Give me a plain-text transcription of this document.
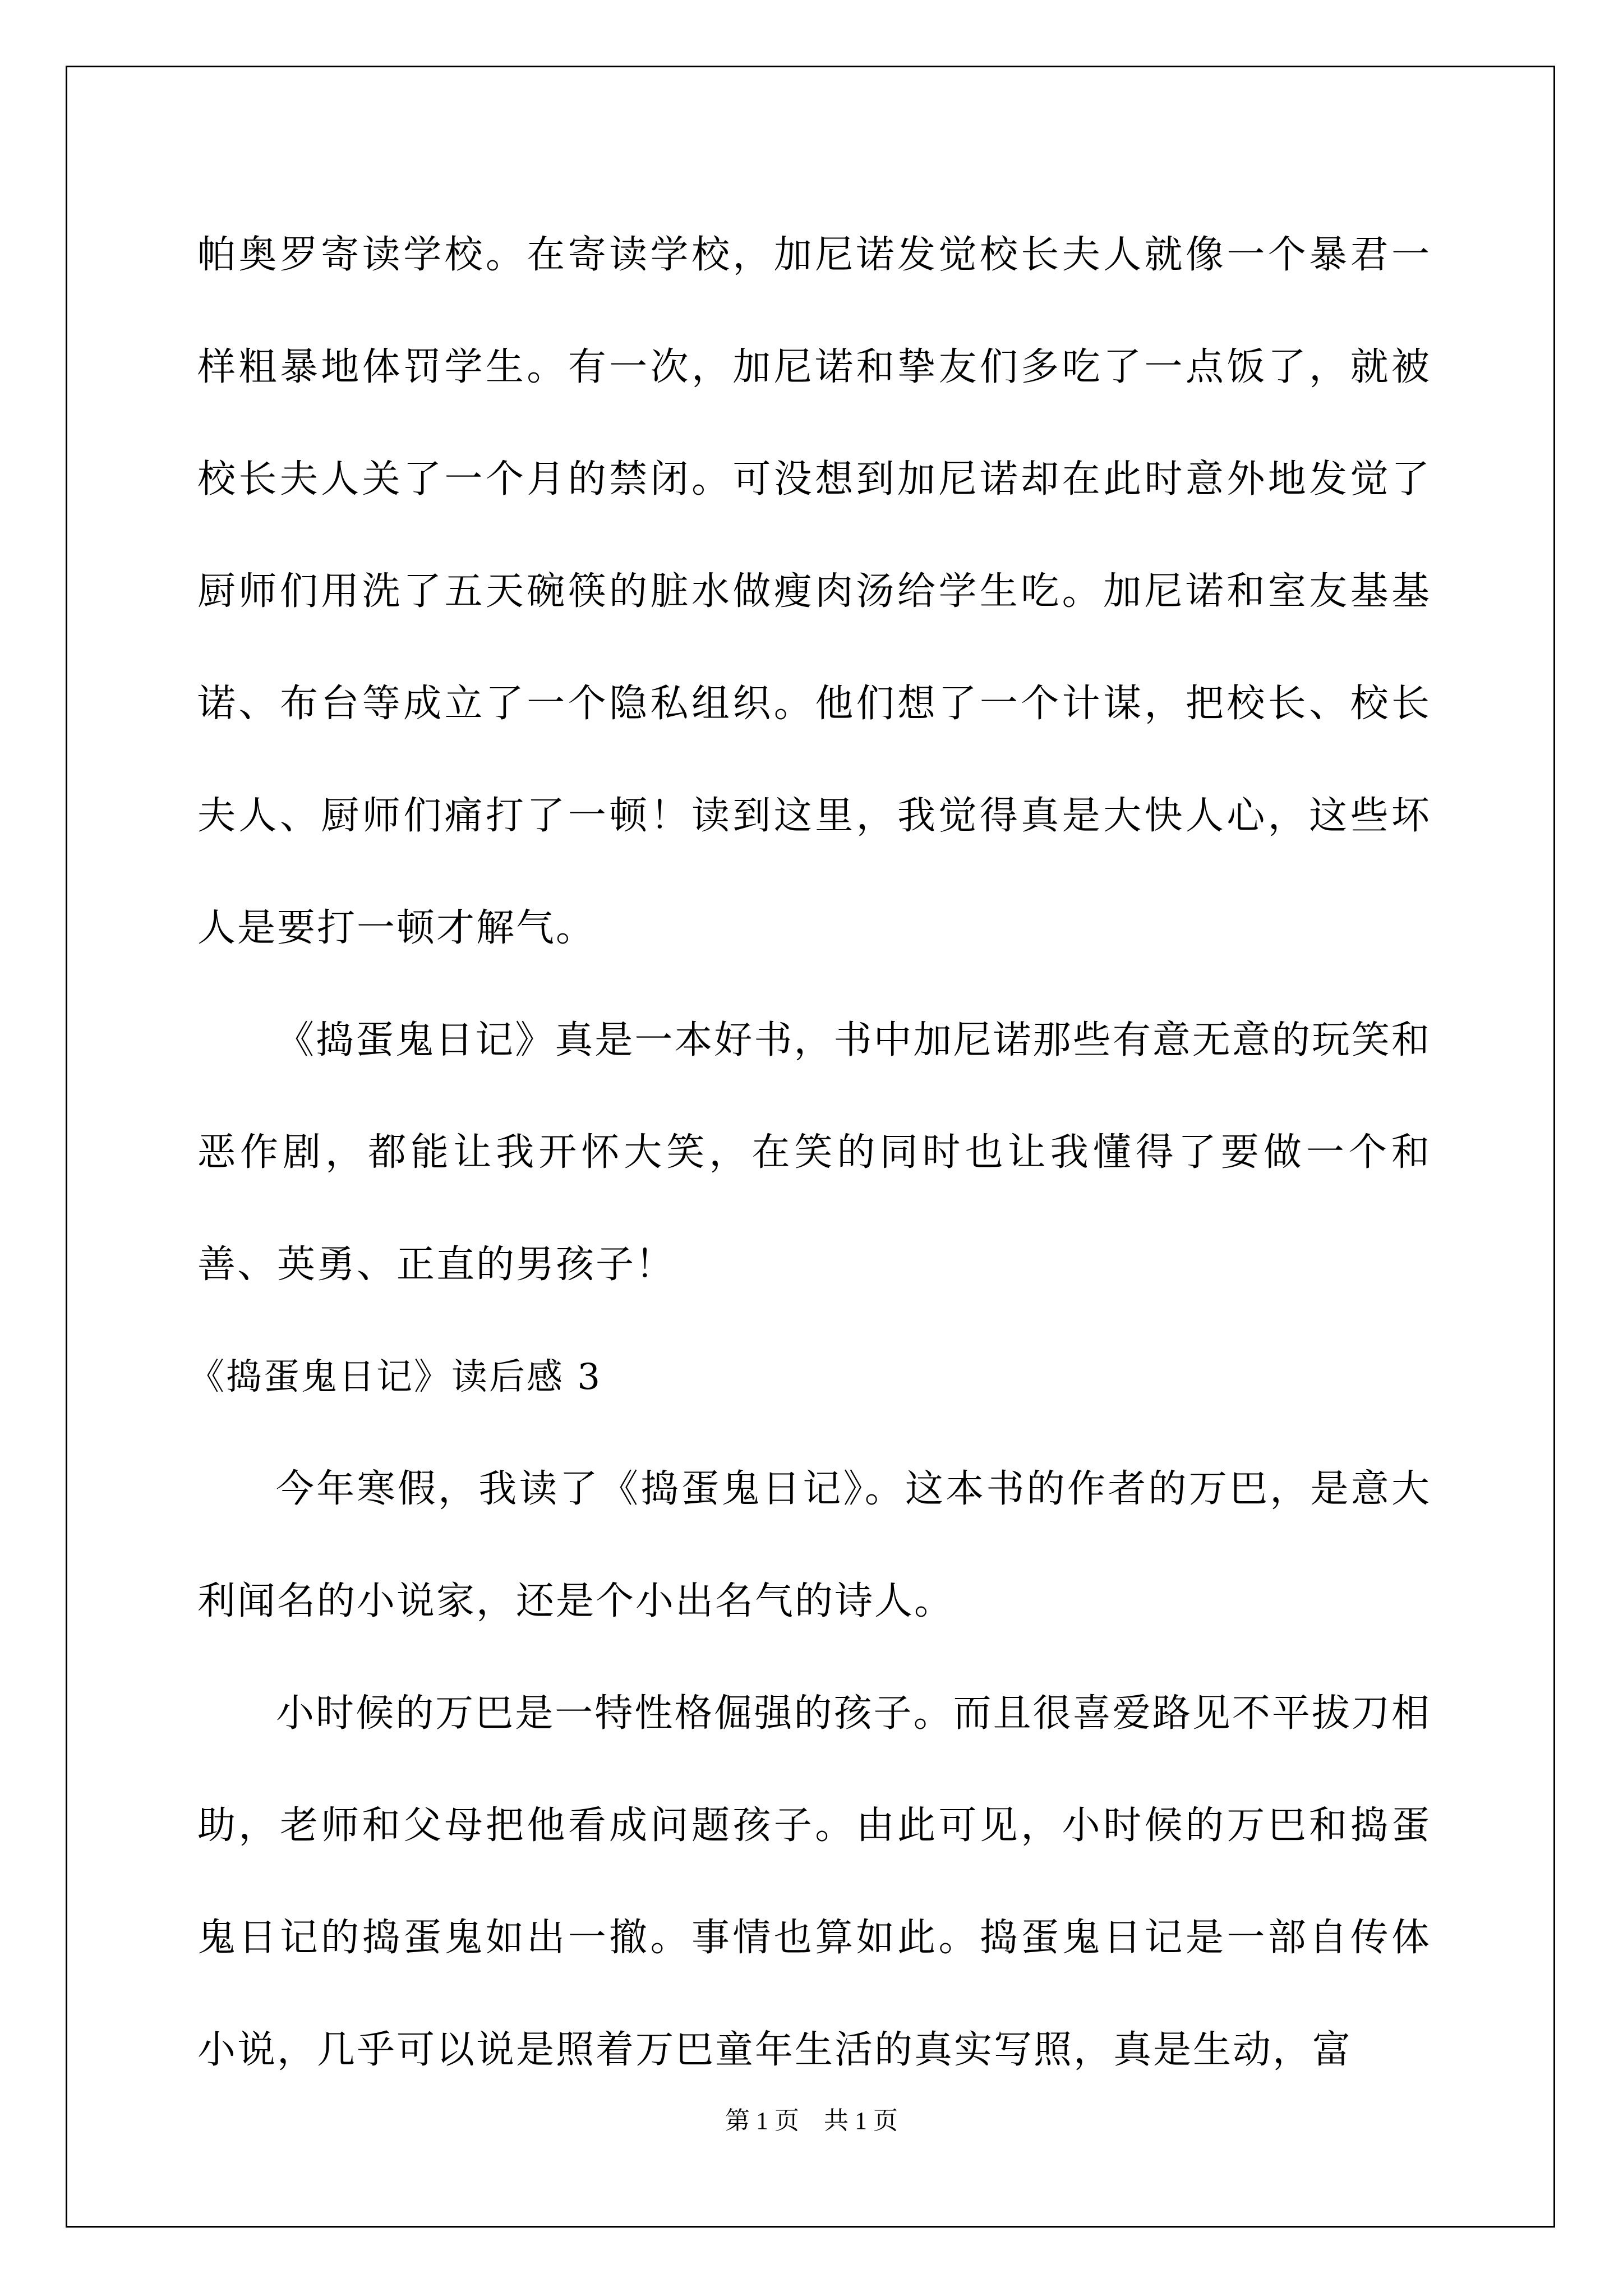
帕奥罗寄读学校。在寄读学校，加尼诺发觉校长夫人就像一个暴君一样粗暴地体罚学生。有一次，加尼诺和挚友们多吃了一点饭了，就被校长夫人关了一个月的禁闭。可没想到加尼诺却在此时意外地发觉了厨师们用洗了五天碗筷的脏水做瘦肉汤给学生吃。加尼诺和室友基基诺、布台等成立了一个隐私组织。他们想了一个计谋，把校长、校长夫人、厨师们痛打了一顿！读到这里，我觉得真是大快人心，这些坏人是要打一顿才解气。

《捣蛋鬼日记》真是一本好书，书中加尼诺那些有意无意的玩笑和恶作剧，都能让我开怀大笑，在笑的同时也让我懂得了要做一个和善、英勇、正直的男孩子！

《捣蛋鬼日记》读后感 3

今年寒假，我读了《捣蛋鬼日记》。这本书的作者的万巴，是意大利闻名的小说家，还是个小出名气的诗人。

小时候的万巴是一特性格倔强的孩子。而且很喜爱路见不平拔刀相助，老师和父母把他看成问题孩子。由此可见，小时候的万巴和捣蛋鬼日记的捣蛋鬼如出一撤。事情也算如此。捣蛋鬼日记是一部自传体小说，几乎可以说是照着万巴童年生活的真实写照，真是生动，富

第 1 页    共 1 页
